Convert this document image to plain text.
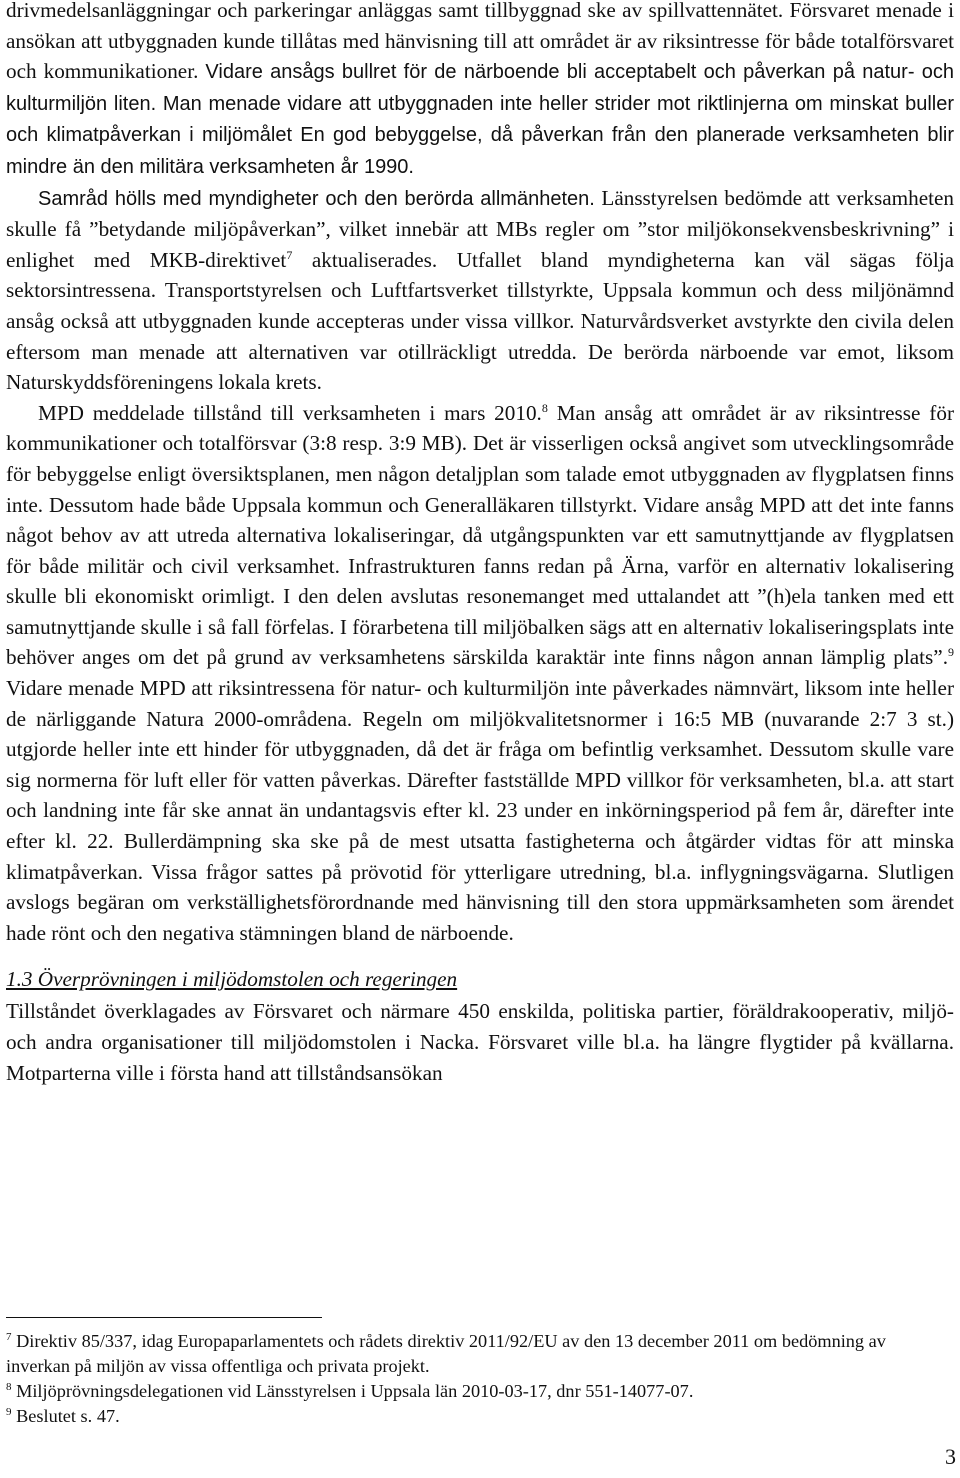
drivmedelsanläggningar och parkeringar anläggas samt tillbyggnad ske av spillvattennätet. Försvaret menade i ansökan att utbyggnaden kunde tillåtas med hänvisning till att området är av riksintresse för både totalförsvaret och kommunikationer. Vidare ansågs bullret för de närboende bli acceptabelt och påverkan på natur- och kulturmiljön liten. Man menade vidare att utbyggnaden inte heller strider mot riktlinjerna om minskat buller och klimatpåverkan i miljömålet En god bebyggelse, då påverkan från den planerade verksamheten blir mindre än den militära verksamheten år 1990.

Samråd hölls med myndigheter och den berörda allmänheten. Länsstyrelsen bedömde att verksamheten skulle få ”betydande miljöpåverkan”, vilket innebär att MBs regler om ”stor miljökonsekvensbeskrivning” i enlighet med MKB-direktivet$^7$ aktualiserades. Utfallet bland myndigheterna kan väl sägas följa sektorsintressena. Transportstyrelsen och Luftfartsverket tillstyrkte, Uppsala kommun och dess miljönämnd ansåg också att utbyggnaden kunde accepteras under vissa villkor. Naturvårdsverket avstyrkte den civila delen eftersom man menade att alternativen var otillräckligt utredda. De berörda närboende var emot, liksom Naturskyddsföreningens lokala krets.

MPD meddelade tillstånd till verksamheten i mars 2010.$^8$ Man ansåg att området är av riksintresse för kommunikationer och totalförsvar (3:8 resp. 3:9 MB). Det är visserligen också angivet som utvecklingsområde för bebyggelse enligt översiktsplanen, men någon detaljplan som talade emot utbyggnaden av flygplatsen finns inte. Dessutom hade både Uppsala kommun och Generalläkaren tillstyrkt. Vidare ansåg MPD att det inte fanns något behov av att utreda alternativa lokaliseringar, då utgångspunkten var ett samutnyttjande av flygplatsen för både militär och civil verksamhet. Infrastrukturen fanns redan på Ärna, varför en alternativ lokalisering skulle bli ekonomiskt orimligt. I den delen avslutas resonemanget med uttalandet att ”(h)ela tanken med ett samutnyttjande skulle i så fall förfelas. I förarbetena till miljöbalken sägs att en alternativ lokaliseringsplats inte behöver anges om det på grund av verksamhetens särskilda karaktär inte finns någon annan lämplig plats”.$^9$ Vidare menade MPD att riksintressena för natur- och kulturmiljön inte påverkades nämnvärt, liksom inte heller de närliggande Natura 2000-områdena. Regeln om miljökvalitetsnormer i 16:5 MB (nuvarande 2:7 3 st.) utgjorde heller inte ett hinder för utbyggnaden, då det är fråga om befintlig verksamhet. Dessutom skulle vare sig normerna för luft eller för vatten påverkas. Därefter fastställde MPD villkor för verksamheten, bl.a. att start och landning inte får ske annat än undantagsvis efter kl. 23 under en inkörningsperiod på fem år, därefter inte efter kl. 22. Bullerdämpning ska ske på de mest utsatta fastigheterna och åtgärder vidtas för att minska klimatpåverkan. Vissa frågor sattes på prövotid för ytterligare utredning, bl.a. inflygningsvägarna. Slutligen avslogs begäran om verkställighetsförordnande med hänvisning till den stora uppmärksamheten som ärendet hade rönt och den negativa stämningen bland de närboende.

1.3 Överprövningen i miljödomstolen och regeringen

Tillståndet överklagades av Försvaret och närmare 450 enskilda, politiska partier, föräldrakooperativ, miljö- och andra organisationer till miljödomstolen i Nacka. Försvaret ville bl.a. ha längre flygtider på kvällarna. Motparterna ville i första hand att tillståndsansökan

$^7$ Direktiv 85/337, idag Europaparlamentets och rådets direktiv 2011/92/EU av den 13 december 2011 om bedömning av inverkan på miljön av vissa offentliga och privata projekt.

$^8$ Miljöprövningsdelegationen vid Länsstyrelsen i Uppsala län 2010-03-17, dnr 551-14077-07.

$^9$ Beslutet s. 47.

3
